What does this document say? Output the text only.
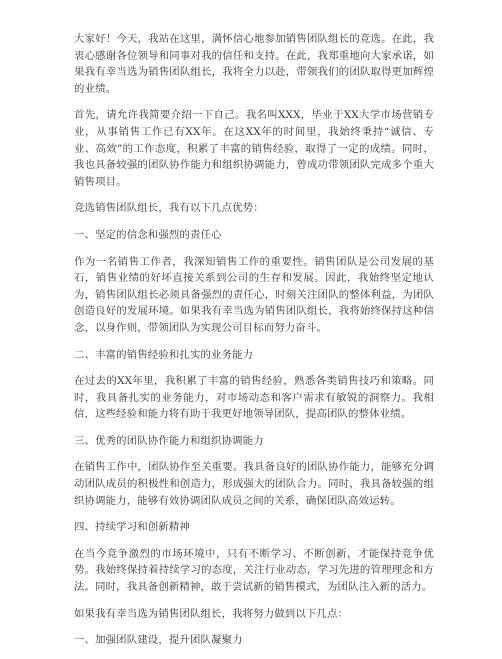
大家好！今天，我站在这里，满怀信心地参加销售团队组长的竞选。在此，我衷心感谢各位领导和同事对我的信任和支持。在此，我郑重地向大家承诺，如果我有幸当选为销售团队组长，我将全力以赴，带领我们的团队取得更加辉煌的业绩。

首先，请允许我简要介绍一下自己。我名叫XXX，毕业于XX大学市场营销专业，从事销售工作已有XX年。在这XX年的时间里，我始终秉持“诚信、专业、高效”的工作态度，积累了丰富的销售经验，取得了一定的成绩。同时，我也具备较强的团队协作能力和组织协调能力，曾成功带领团队完成多个重大销售项目。

竞选销售团队组长，我有以下几点优势：

一、坚定的信念和强烈的责任心

作为一名销售工作者，我深知销售工作的重要性。销售团队是公司发展的基石，销售业绩的好坏直接关系到公司的生存和发展。因此，我始终坚定地认为，销售团队组长必须具备强烈的责任心，时刻关注团队的整体利益，为团队创造良好的发展环境。如果我有幸当选为销售团队组长，我将始终保持这种信念，以身作则，带领团队为实现公司目标而努力奋斗。

二、丰富的销售经验和扎实的业务能力

在过去的XX年里，我积累了丰富的销售经验，熟悉各类销售技巧和策略。同时，我具备扎实的业务能力，对市场动态和客户需求有敏锐的洞察力。我相信，这些经验和能力将有助于我更好地领导团队，提高团队的整体业绩。

三、优秀的团队协作能力和组织协调能力

在销售工作中，团队协作至关重要。我具备良好的团队协作能力，能够充分调动团队成员的积极性和创造力，形成强大的团队合力。同时，我具备较强的组织协调能力，能够有效协调团队成员之间的关系，确保团队高效运转。

四、持续学习和创新精神

在当今竞争激烈的市场环境中，只有不断学习、不断创新，才能保持竞争优势。我始终保持着持续学习的态度，关注行业动态，学习先进的管理理念和方法。同时，我具备创新精神，敢于尝试新的销售模式，为团队注入新的活力。

如果我有幸当选为销售团队组长，我将努力做到以下几点：

一、加强团队建设，提升团队凝聚力
